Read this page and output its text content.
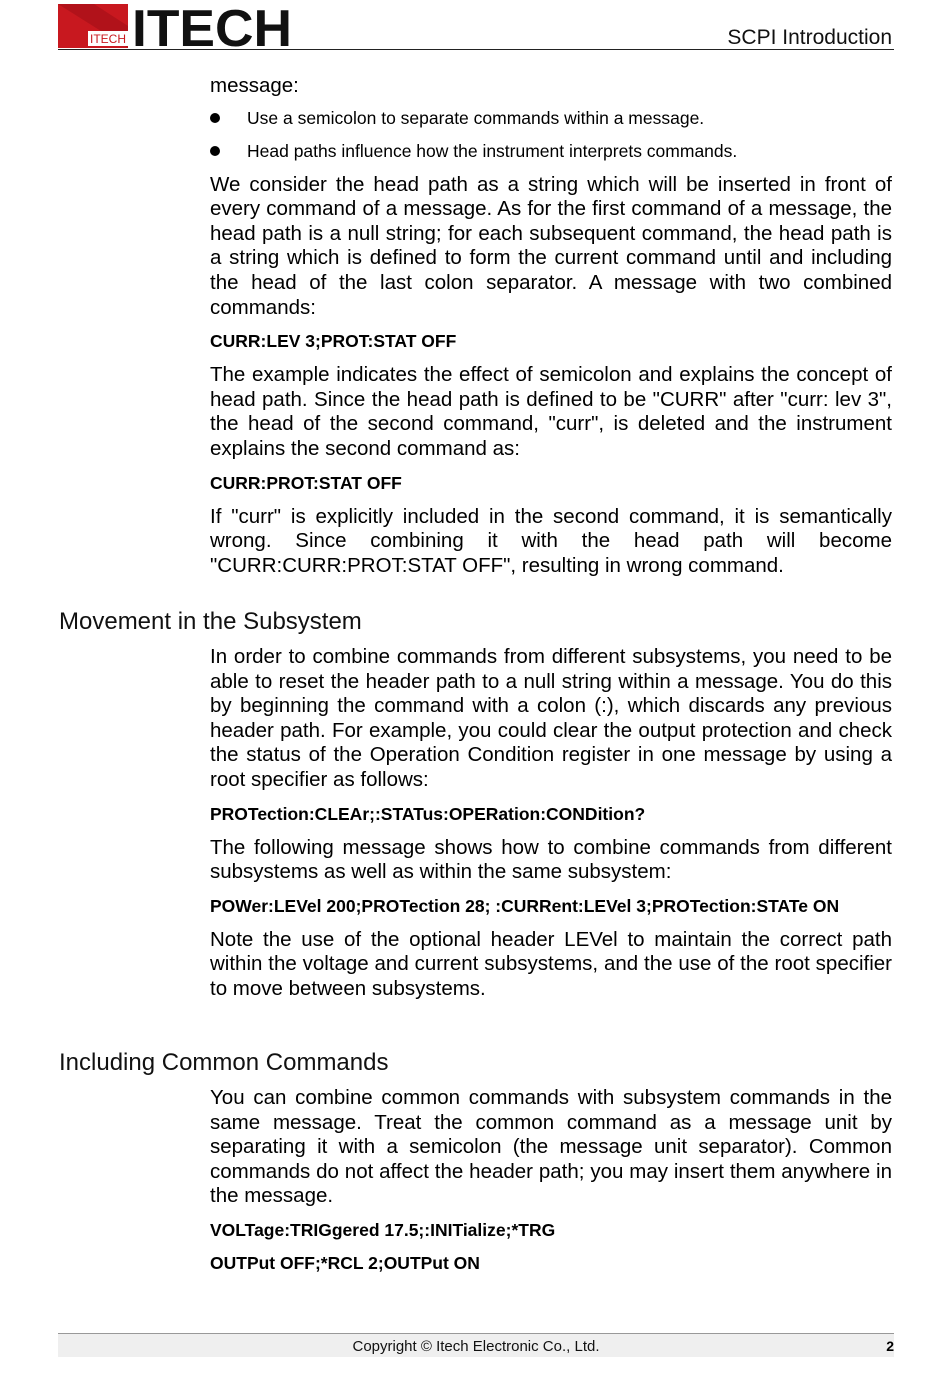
ITECH ITECH	SCPI Introduction
message:
Use a semicolon to separate commands within a message.
Head paths influence how the instrument interprets commands.
We consider the head path as a string which will be inserted in front of every command of a message. As for the first command of a message, the head path is a null string; for each subsequent command, the head path is a string which is defined to form the current command until and including the head of the last colon separator. A message with two combined commands:
CURR:LEV 3;PROT:STAT OFF
The example indicates the effect of semicolon and explains the concept of head path. Since the head path is defined to be "CURR" after "curr: lev 3", the head of the second command, "curr", is deleted and the instrument explains the second command as:
CURR:PROT:STAT OFF
If "curr" is explicitly included in the second command, it is semantically wrong. Since combining it with the head path will become "CURR:CURR:PROT:STAT OFF", resulting in wrong command.
Movement in the Subsystem
In order to combine commands from different subsystems, you need to be able to reset the header path to a null string within a message. You do this by beginning the command with a colon (:), which discards any previous header path. For example, you could clear the output protection and check the status of the Operation Condition register in one message by using a root specifier as follows:
PROTection:CLEAr;:STATus:OPERation:CONDition?
The following message shows how to combine commands from different subsystems as well as within the same subsystem:
POWer:LEVel 200;PROTection 28; :CURRent:LEVel 3;PROTection:STATe ON
Note the use of the optional header LEVel to maintain the correct path within the voltage and current subsystems, and the use of the root specifier to move between subsystems.
Including Common Commands
You can combine common commands with subsystem commands in the same message. Treat the common command as a message unit by separating it with a semicolon (the message unit separator). Common commands do not affect the header path; you may insert them anywhere in the message.
VOLTage:TRIGgered 17.5;:INITialize;*TRG
OUTPut OFF;*RCL 2;OUTPut ON
Copyright © Itech Electronic Co., Ltd.	2
